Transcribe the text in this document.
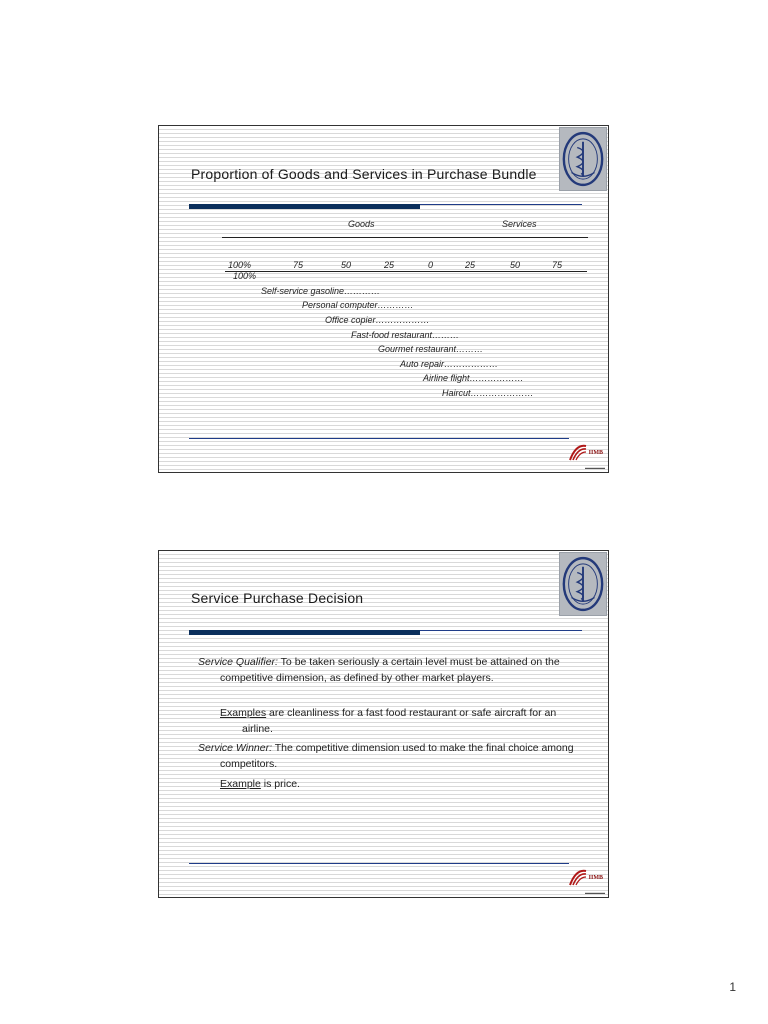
Proportion of Goods and Services in Purchase Bundle
Goods	Services
100%	75	50	25	0	25	50	75
100%
Self-service gasoline…………
Personal computer…………
Office copier………………
Fast-food restaurant………
Gourmet restaurant………
Auto repair………………
Airline flight………………
Haircut…………………
IIMB
▬▬▬▬▬
Service Purchase Decision
Service Qualifier: To be taken seriously a certain level must be attained on the competitive dimension, as defined by other market players.
Examples are cleanliness for a fast food restaurant or safe aircraft for an airline.
Service Winner: The competitive dimension used to make the final choice among competitors.
Example is price.
IIMB
▬▬▬▬▬
1
